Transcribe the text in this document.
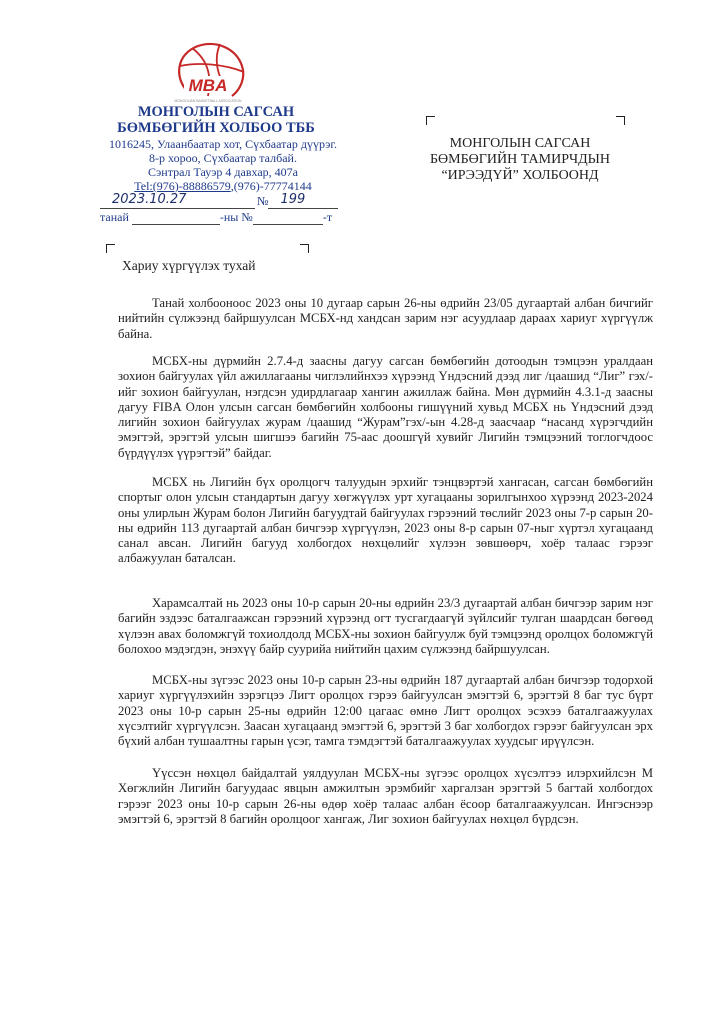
MBA
MONGOLIAN BASKETBALL ASSOCIATION
МОНГОЛЫН САГСАН
БӨМБӨГИЙН ХОЛБОО ТББ
1016245, Улаанбаатар хот, Сүхбаатар дүүрэг.
8-р хороо, Сүхбаатар талбай.
Сэнтрал Тауэр 4 давхар, 407а
Tel:(976)-88886579,(976)-77774144
2023.10.27	№ 199
танай	-ны №	-т
МОНГОЛЫН САГСАН
БӨМБӨГИЙН ТАМИРЧДЫН
“ИРЭЭДҮЙ” ХОЛБООНД
Хариу хүргүүлэх тухай

Танай холбооноос 2023 оны 10 дугаар сарын 26-ны өдрийн 23/05 дугаартай албан бичгийг нийтийн сүлжээнд байршуулсан МСБХ-нд хандсан зарим нэг асуудлаар дараах хариуг хүргүүлж байна.

МСБХ-ны дүрмийн 2.7.4-д заасны дагуу сагсан бөмбөгийн дотоодын тэмцээн уралдаан зохион байгуулах үйл ажиллагааны чиглэлийнхээ хүрээнд Үндэсний дээд лиг /цаашид “Лиг” гэх/-ийг зохион байгуулан, нэгдсэн удирдлагаар хангин ажиллаж байна. Мөн дүрмийн 4.3.1-д заасны дагуу FIBA Олон улсын сагсан бөмбөгийн холбооны гишүүний хувьд МСБХ нь Үндэсний дээд лигийн зохион байгуулах журам /цаашид “Журам”гэх/-ын 4.28-д заасчаар “насанд хүрэгчдийн эмэгтэй, эрэгтэй улсын шигшээ багийн 75-аас доошгүй хувийг Лигийн тэмцээний тоглогчдоос бүрдүүлэх үүрэгтэй” байдаг.

МСБХ нь Лигийн бүх оролцогч талуудын эрхийг тэнцвэртэй хангасан, сагсан бөмбөгийн спортыг олон улсын стандартын дагуу хөгжүүлэх урт хугацааны зорилгынхоо хүрээнд 2023-2024 оны улирлын Журам болон Лигийн багуудтай байгуулах гэрээний төслийг 2023 оны 7-р сарын 20-ны өдрийн 113 дугаартай албан бичгээр хүргүүлэн, 2023 оны 8-р сарын 07-ныг хүртэл хугацаанд санал авсан. Лигийн багууд холбогдох нөхцөлийг хүлээн зөвшөөрч, хоёр талаас гэрээг албажуулан баталсан.

Харамсалтай нь 2023 оны 10-р сарын 20-ны өдрийн 23/3 дугаартай албан бичгээр зарим нэг багийн эздээс баталгаажсан гэрээний хүрээнд огт тусгагдаагүй зүйлсийг тулган шаардсан бөгөөд хүлээн авах боломжгүй тохиолдолд МСБХ-ны зохион байгуулж буй тэмцээнд оролцох боломжгүй болохоо мэдэгдэн, энэхүү байр суурийа нийтийн цахим сүлжээнд байршуулсан.

МСБХ-ны зүгээс 2023 оны 10-р сарын 23-ны өдрийн 187 дугаартай албан бичгээр тодорхой хариуг хүргүүлэхийн зэрэгцээ Лигт оролцох гэрээ байгуулсан эмэгтэй 6, эрэгтэй 8 баг тус бүрт 2023 оны 10-р сарын 25-ны өдрийн 12:00 цагаас өмнө Лигт оролцох эсэхээ баталгаажуулах хүсэлтийг хүргүүлсэн. Заасан хугацаанд эмэгтэй 6, эрэгтэй 3 баг холбогдох гэрээг байгуулсан эрх бүхий албан тушаалтны гарын үсэг, тамга тэмдэгтэй баталгаажуулах хуудсыг ирүүлсэн.

Үүссэн нөхцөл байдалтай уялдуулан МСБХ-ны зүгээс оролцох хүсэлтээ илэрхийлсэн М Хөгжлийн Лигийн багуудаас явцын амжилтын эрэмбийг харгалзан эрэгтэй 5 багтай холбогдох гэрээг 2023 оны 10-р сарын 26-ны өдөр хоёр талаас албан ёсоор баталгаажуулсан. Ингэснээр эмэгтэй 6, эрэгтэй 8 багийн оролцоог хангаж, Лиг зохион байгуулах нөхцөл бүрдсэн.
